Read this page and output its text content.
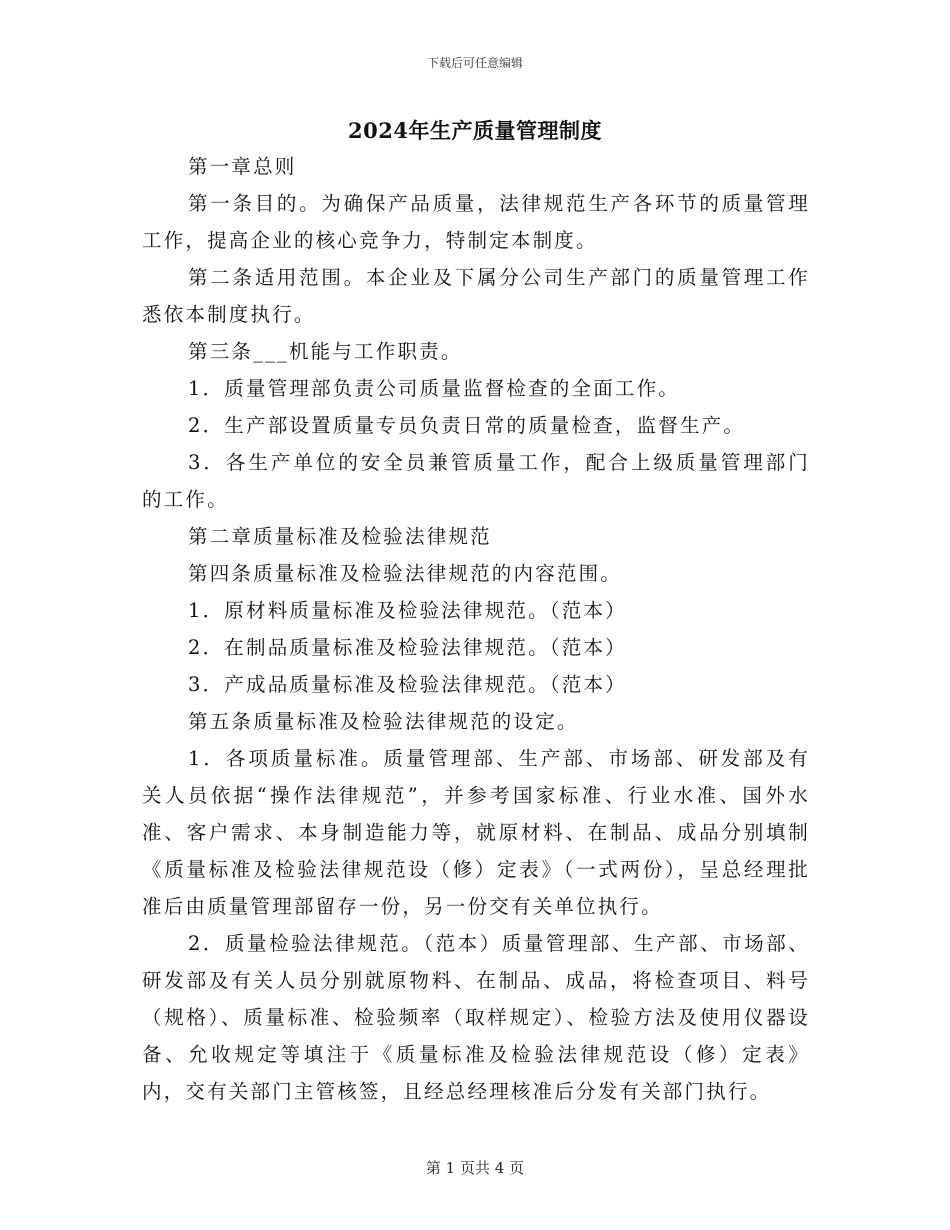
下载后可任意编辑
2024年生产质量管理制度

第一章总则

第一条目的。为确保产品质量，法律规范生产各环节的质量管理工作，提高企业的核心竞争力，特制定本制度。

第二条适用范围。本企业及下属分公司生产部门的质量管理工作悉依本制度执行。

第三条___机能与工作职责。

1．质量管理部负责公司质量监督检查的全面工作。

2．生产部设置质量专员负责日常的质量检查，监督生产。

3．各生产单位的安全员兼管质量工作，配合上级质量管理部门的工作。

第二章质量标准及检验法律规范

第四条质量标准及检验法律规范的内容范围。

1．原材料质量标准及检验法律规范。（范本）

2．在制品质量标准及检验法律规范。（范本）

3．产成品质量标准及检验法律规范。（范本）

第五条质量标准及检验法律规范的设定。

1．各项质量标准。质量管理部、生产部、市场部、研发部及有关人员依据“操作法律规范”，并参考国家标准、行业水准、国外水准、客户需求、本身制造能力等，就原材料、在制品、成品分别填制《质量标准及检验法律规范设（修）定表》（一式两份），呈总经理批准后由质量管理部留存一份，另一份交有关单位执行。

2．质量检验法律规范。（范本）质量管理部、生产部、市场部、研发部及有关人员分别就原物料、在制品、成品，将检查项目、料号（规格）、质量标准、检验频率（取样规定）、检验方法及使用仪器设备、允收规定等填注于《质量标准及检验法律规范设（修）定表》内，交有关部门主管核签，且经总经理核准后分发有关部门执行。

第 1 页共 4 页
